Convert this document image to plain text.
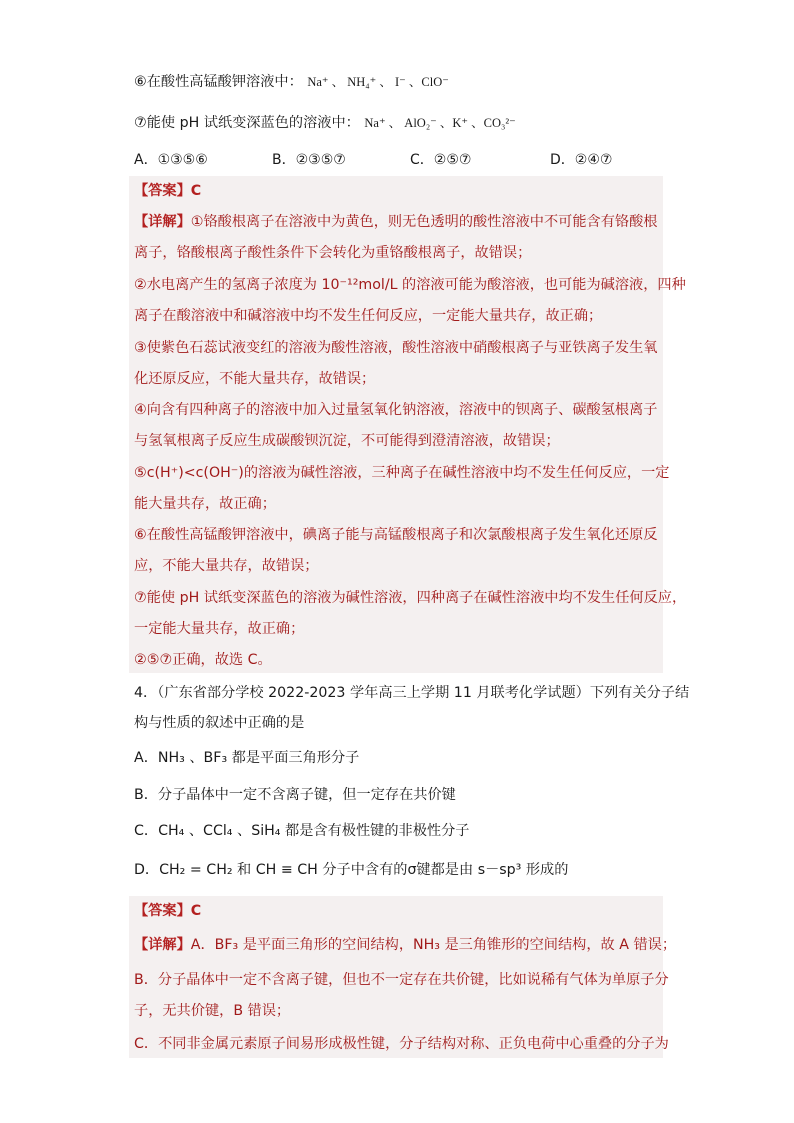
⑥在酸性高锰酸钾溶液中： Na⁺ 、 NH₄⁺ 、 I⁻ 、ClO⁻
⑦能使 pH 试纸变深蓝色的溶液中： Na⁺ 、 AlO₂⁻ 、K⁺ 、CO₃²⁻
A．①③⑤⑥	B．②③⑤⑦	C．②⑤⑦	D．②④⑦
【答案】C
【详解】①铬酸根离子在溶液中为黄色，则无色透明的酸性溶液中不可能含有铬酸根
离子，铬酸根离子酸性条件下会转化为重铬酸根离子，故错误；
②水电离产生的氢离子浓度为 10⁻¹²mol/L 的溶液可能为酸溶液，也可能为碱溶液，四种
离子在酸溶液中和碱溶液中均不发生任何反应，一定能大量共存，故正确；
③使紫色石蕊试液变红的溶液为酸性溶液，酸性溶液中硝酸根离子与亚铁离子发生氧
化还原反应，不能大量共存，故错误；
④向含有四种离子的溶液中加入过量氢氧化钠溶液，溶液中的钡离子、碳酸氢根离子
与氢氧根离子反应生成碳酸钡沉淀，不可能得到澄清溶液，故错误；
⑤c(H⁺)<c(OH⁻)的溶液为碱性溶液，三种离子在碱性溶液中均不发生任何反应，一定
能大量共存，故正确；
⑥在酸性高锰酸钾溶液中，碘离子能与高锰酸根离子和次氯酸根离子发生氧化还原反
应，不能大量共存，故错误；
⑦能使 pH 试纸变深蓝色的溶液为碱性溶液，四种离子在碱性溶液中均不发生任何反应，
一定能大量共存，故正确；
②⑤⑦正确，故选 C。
4．（广东省部分学校 2022-2023 学年高三上学期 11 月联考化学试题）下列有关分子结
构与性质的叙述中正确的是
A．NH₃ 、BF₃ 都是平面三角形分子
B．分子晶体中一定不含离子键，但一定存在共价键
C．CH₄ 、CCl₄ 、SiH₄ 都是含有极性键的非极性分子
D．CH₂ = CH₂ 和 CH ≡ CH 分子中含有的σ键都是由 s－sp³ 形成的
【答案】C
【详解】A．BF₃ 是平面三角形的空间结构，NH₃ 是三角锥形的空间结构，故 A 错误；
B．分子晶体中一定不含离子键，但也不一定存在共价键，比如说稀有气体为单原子分
子，无共价键，B 错误；
C．不同非金属元素原子间易形成极性键，分子结构对称、正负电荷中心重叠的分子为
